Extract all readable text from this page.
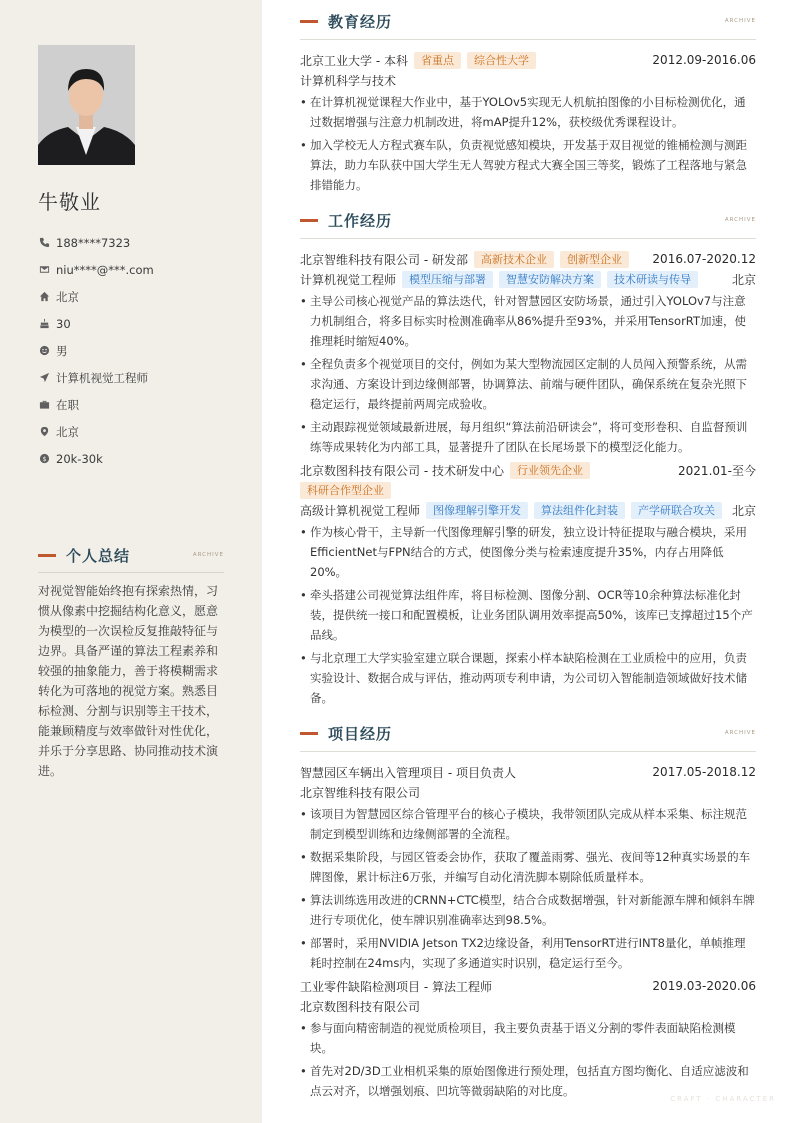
牛敬业
188****7323
niu****@***.com
北京
30
男
计算机视觉工程师
在职
北京
$ 20k-30k
个人总结	ARCHIVE

对视觉智能始终抱有探索热情，习惯从像素中挖掘结构化意义，愿意为模型的一次误检反复推敲特征与边界。具备严谨的算法工程素养和较强的抽象能力，善于将模糊需求转化为可落地的视觉方案。熟悉目标检测、分割与识别等主干技术，能兼顾精度与效率做针对性优化，并乐于分享思路、协同推动技术演进。

教育经历	ARCHIVE
北京工业大学 - 本科	省重点	综合性大学	2012.09-2016.06
计算机科学与技术
• 在计算机视觉课程大作业中，基于YOLOv5实现无人机航拍图像的小目标检测优化，通过数据增强与注意力机制改进，将mAP提升12%，获校级优秀课程设计。
• 加入学校无人方程式赛车队，负责视觉感知模块，开发基于双目视觉的锥桶检测与测距算法，助力车队获中国大学生无人驾驶方程式大赛全国三等奖，锻炼了工程落地与紧急排错能力。
工作经历	ARCHIVE
北京智维科技有限公司 - 研发部	高新技术企业	创新型企业	2016.07-2020.12
计算机视觉工程师	模型压缩与部署	智慧安防解决方案	技术研读与传导	北京
• 主导公司核心视觉产品的算法迭代，针对智慧园区安防场景，通过引入YOLOv7与注意力机制组合，将多目标实时检测准确率从86%提升至93%，并采用TensorRT加速，使推理耗时缩短40%。
• 全程负责多个视觉项目的交付，例如为某大型物流园区定制的人员闯入预警系统，从需求沟通、方案设计到边缘侧部署，协调算法、前端与硬件团队，确保系统在复杂光照下稳定运行，最终提前两周完成验收。
• 主动跟踪视觉领域最新进展，每月组织“算法前沿研读会”，将可变形卷积、自监督预训练等成果转化为内部工具，显著提升了团队在长尾场景下的模型泛化能力。
北京数图科技有限公司 - 技术研发中心	行业领先企业	2021.01-至今
科研合作型企业
高级计算机视觉工程师	图像理解引擎开发	算法组件化封装	产学研联合攻关	北京
• 作为核心骨干，主导新一代图像理解引擎的研发，独立设计特征提取与融合模块，采用EfficientNet与FPN结合的方式，使图像分类与检索速度提升35%，内存占用降低20%。
• 牵头搭建公司视觉算法组件库，将目标检测、图像分割、OCR等10余种算法标准化封装，提供统一接口和配置模板，让业务团队调用效率提高50%，该库已支撑超过15个产品线。
• 与北京理工大学实验室建立联合课题，探索小样本缺陷检测在工业质检中的应用，负责实验设计、数据合成与评估，推动两项专利申请，为公司切入智能制造领域做好技术储备。
项目经历	ARCHIVE
智慧园区车辆出入管理项目 - 项目负责人	2017.05-2018.12
北京智维科技有限公司
• 该项目为智慧园区综合管理平台的核心子模块，我带领团队完成从样本采集、标注规范制定到模型训练和边缘侧部署的全流程。
• 数据采集阶段，与园区管委会协作，获取了覆盖雨雾、强光、夜间等12种真实场景的车牌图像，累计标注6万张，并编写自动化清洗脚本剔除低质量样本。
• 算法训练选用改进的CRNN+CTC模型，结合合成数据增强，针对新能源车牌和倾斜车牌进行专项优化，使车牌识别准确率达到98.5%。
• 部署时，采用NVIDIA Jetson TX2边缘设备，利用TensorRT进行INT8量化，单帧推理耗时控制在24ms内，实现了多通道实时识别，稳定运行至今。
工业零件缺陷检测项目 - 算法工程师	2019.03-2020.06
北京数图科技有限公司
• 参与面向精密制造的视觉质检项目，我主要负责基于语义分割的零件表面缺陷检测模块。
• 首先对2D/3D工业相机采集的原始图像进行预处理，包括直方图均衡化、自适应滤波和点云对齐，以增强划痕、凹坑等微弱缺陷的对比度。
CRAFT · CHARACTER
